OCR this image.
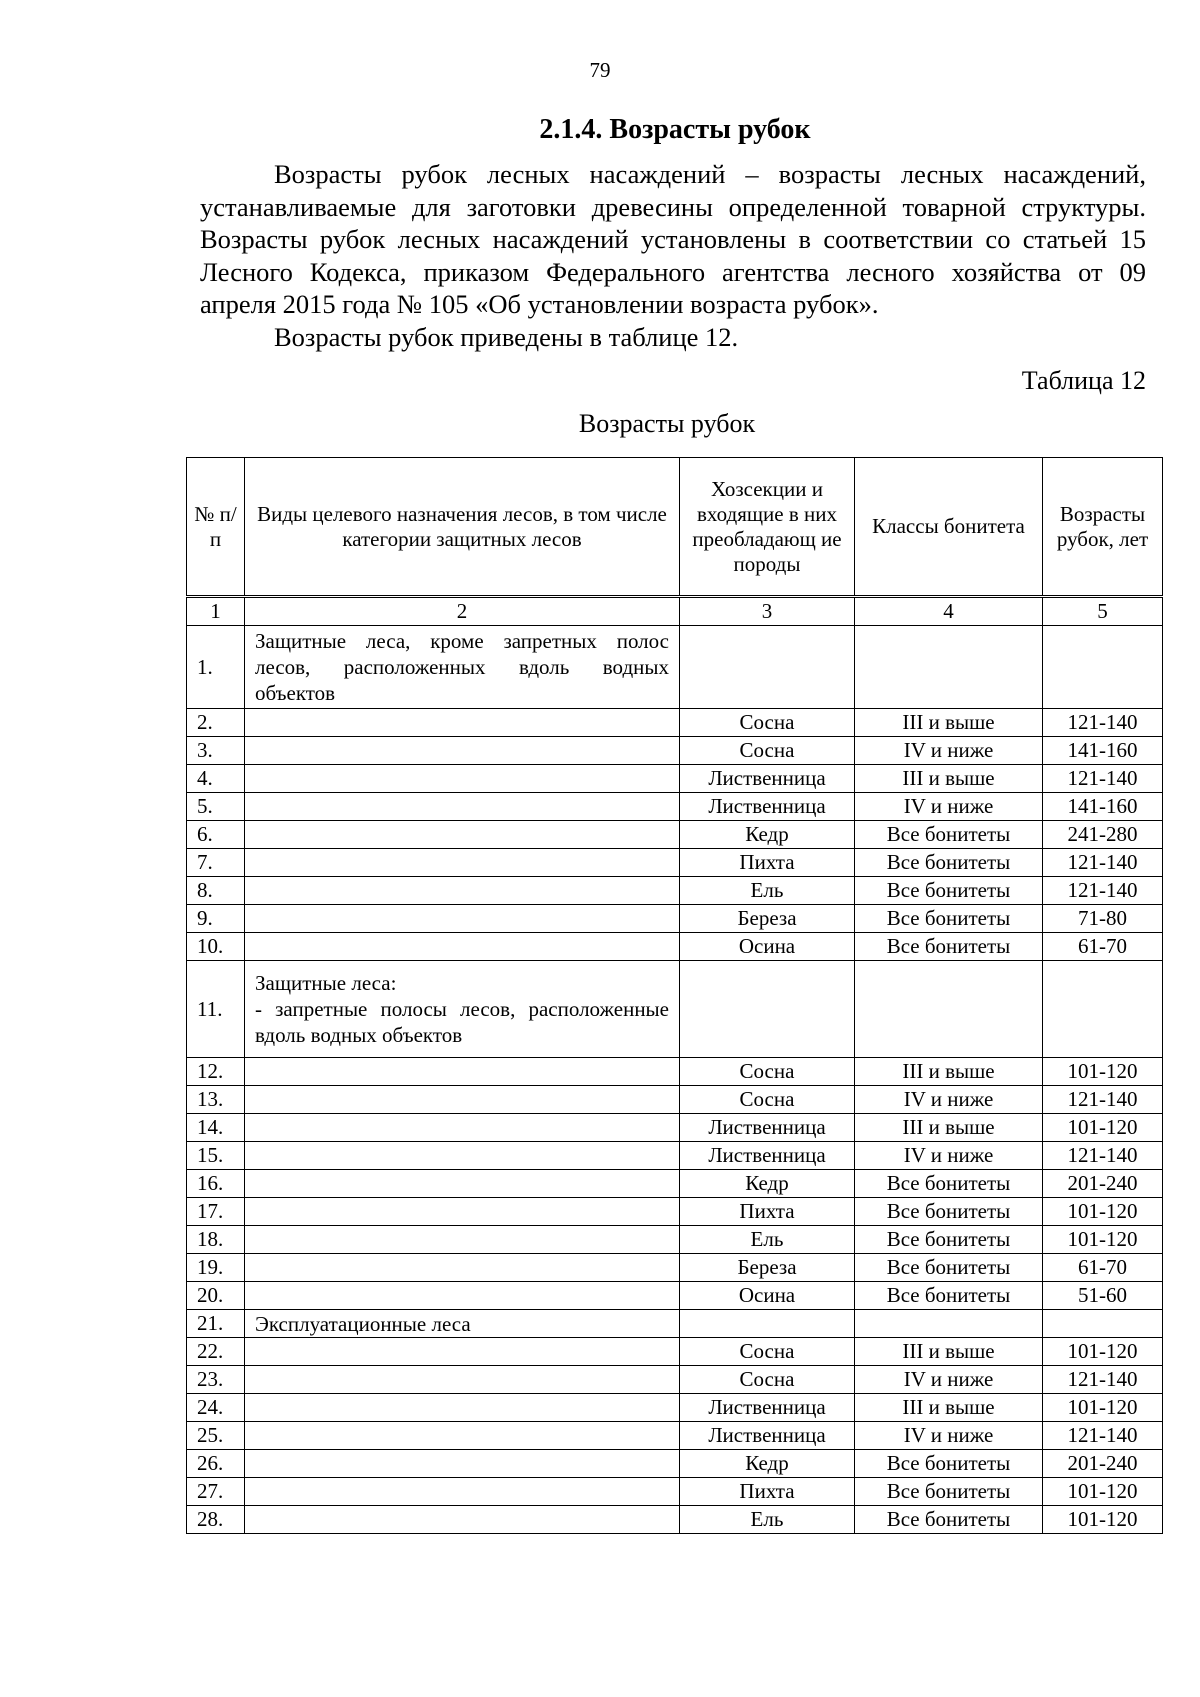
79
2.1.4. Возрасты рубок

Возрасты рубок лесных насаждений – возрасты лесных насаждений, устанавливаемые для заготовки древесины определенной товарной структуры. Возрасты рубок лесных насаждений установлены в соответствии со статьей 15 Лесного Кодекса, приказом Федерального агентства лесного хозяйства от 09 апреля 2015 года № 105 «Об установлении возраста рубок».

Возрасты рубок приведены в таблице 12.

Таблица 12
Возрасты рубок
№ п/п	Виды целевого назначения лесов, в том числе категории защитных лесов	Хозсекции и входящие в них преобладающ ие породы	Классы бонитета	Возрасты рубок, лет
1	2	3	4	5
1.	Защитные леса, кроме запретных полос лесов, расположенных вдоль водных объектов			
2.		Сосна	III и выше	121-140
3.		Сосна	IV и ниже	141-160
4.		Лиственница	III и выше	121-140
5.		Лиственница	IV и ниже	141-160
6.		Кедр	Все бонитеты	241-280
7.		Пихта	Все бонитеты	121-140
8.		Ель	Все бонитеты	121-140
9.		Береза	Все бонитеты	71-80
10.		Осина	Все бонитеты	61-70
11.	Защитные леса:
- запретные полосы лесов, расположенные вдоль водных объектов			
12.		Сосна	III и выше	101-120
13.		Сосна	IV и ниже	121-140
14.		Лиственница	III и выше	101-120
15.		Лиственница	IV и ниже	121-140
16.		Кедр	Все бонитеты	201-240
17.		Пихта	Все бонитеты	101-120
18.		Ель	Все бонитеты	101-120
19.		Береза	Все бонитеты	61-70
20.		Осина	Все бонитеты	51-60
21.	Эксплуатационные леса			
22.		Сосна	III и выше	101-120
23.		Сосна	IV и ниже	121-140
24.		Лиственница	III и выше	101-120
25.		Лиственница	IV и ниже	121-140
26.		Кедр	Все бонитеты	201-240
27.		Пихта	Все бонитеты	101-120
28.		Ель	Все бонитеты	101-120
